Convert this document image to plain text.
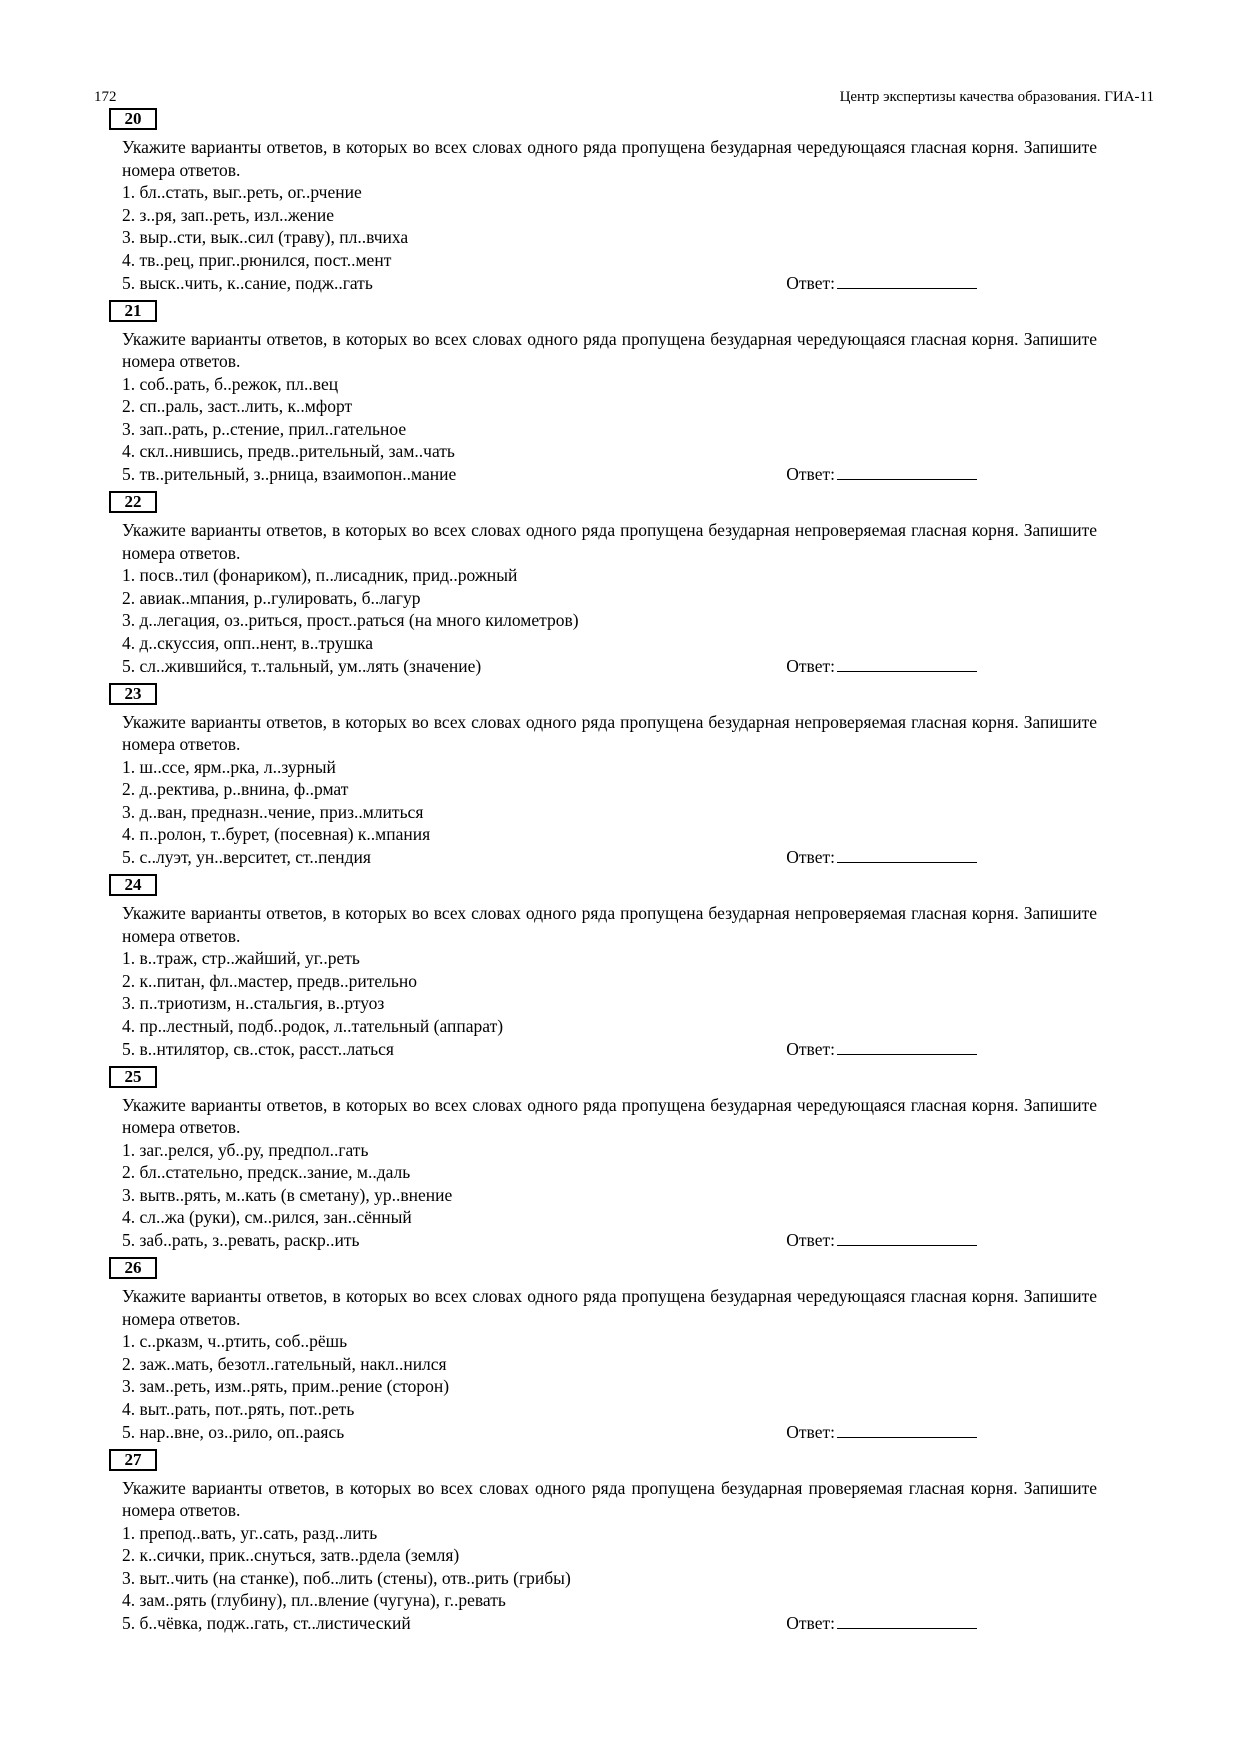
172	Центр экспертизы качества образования. ГИА-11
20

Укажите варианты ответов, в которых во всех словах одного ряда пропущена безударная чередующаяся гласная корня. Запишите номера ответов.

1. бл..стать, выг..реть, ог..рчение
2. з..ря, зап..реть, изл..жение
3. выр..сти, вык..сил (траву), пл..вчиха
4. тв..рец, приг..рюнился, пост..мент
5. выск..чить, к..сание, подж..гать	Ответ:
21

Укажите варианты ответов, в которых во всех словах одного ряда пропущена безударная чередующаяся гласная корня. Запишите номера ответов.

1. соб..рать, б..режок, пл..вец
2. сп..раль, заст..лить, к..мфорт
3. зап..рать, р..стение, прил..гательное
4. скл..нившись, предв..рительный, зам..чать
5. тв..рительный, з..рница, взаимопон..мание	Ответ:
22

Укажите варианты ответов, в которых во всех словах одного ряда пропущена безударная непроверяемая гласная корня. Запишите номера ответов.

1. посв..тил (фонариком), п..лисадник, прид..рожный
2. авиак..мпания, р..гулировать, б..лагур
3. д..легация, оз..риться, прост..раться (на много километров)
4. д..скуссия, опп..нент, в..трушка
5. сл..жившийся, т..тальный, ум..лять (значение)	Ответ:
23

Укажите варианты ответов, в которых во всех словах одного ряда пропущена безударная непроверяемая гласная корня. Запишите номера ответов.

1. ш..ссе, ярм..рка, л..зурный
2. д..ректива, р..внина, ф..рмат
3. д..ван, предназн..чение, приз..млиться
4. п..ролон, т..бурет, (посевная) к..мпания
5. с..луэт, ун..верситет, ст..пендия	Ответ:
24

Укажите варианты ответов, в которых во всех словах одного ряда пропущена безударная непроверяемая гласная корня. Запишите номера ответов.

1. в..траж, стр..жайший, уг..реть
2. к..питан, фл..мастер, предв..рительно
3. п..триотизм, н..стальгия, в..ртуоз
4. пр..лестный, подб..родок, л..тательный (аппарат)
5. в..нтилятор, св..сток, расст..латься	Ответ:
25

Укажите варианты ответов, в которых во всех словах одного ряда пропущена безударная чередующаяся гласная корня. Запишите номера ответов.

1. заг..релся, уб..ру, предпол..гать
2. бл..стательно, предск..зание, м..даль
3. вытв..рять, м..кать (в сметану), ур..внение
4. сл..жа (руки), см..рился, зан..сённый
5. заб..рать, з..ревать, раскр..ить	Ответ:
26

Укажите варианты ответов, в которых во всех словах одного ряда пропущена безударная чередующаяся гласная корня. Запишите номера ответов.

1. с..ркaзм, ч..ртить, соб..рёшь
2. заж..мать, безотл..гательный, накл..нился
3. зам..реть, изм..рять, прим..рение (сторон)
4. выт..рать, пот..рять, пот..реть
5. нар..вне, оз..рило, оп..раясь	Ответ:
27

Укажите варианты ответов, в которых во всех словах одного ряда пропущена безударная проверяемая гласная корня. Запишите номера ответов.

1. препод..вать, уг..сать, разд..лить
2. к..сички, прик..снуться, затв..рдела (земля)
3. выт..чить (на станке), поб..лить (стены), отв..рить (грибы)
4. зам..рять (глубину), пл..вление (чугуна), г..ревать
5. б..чёвка, подж..гать, ст..листический	Ответ:
